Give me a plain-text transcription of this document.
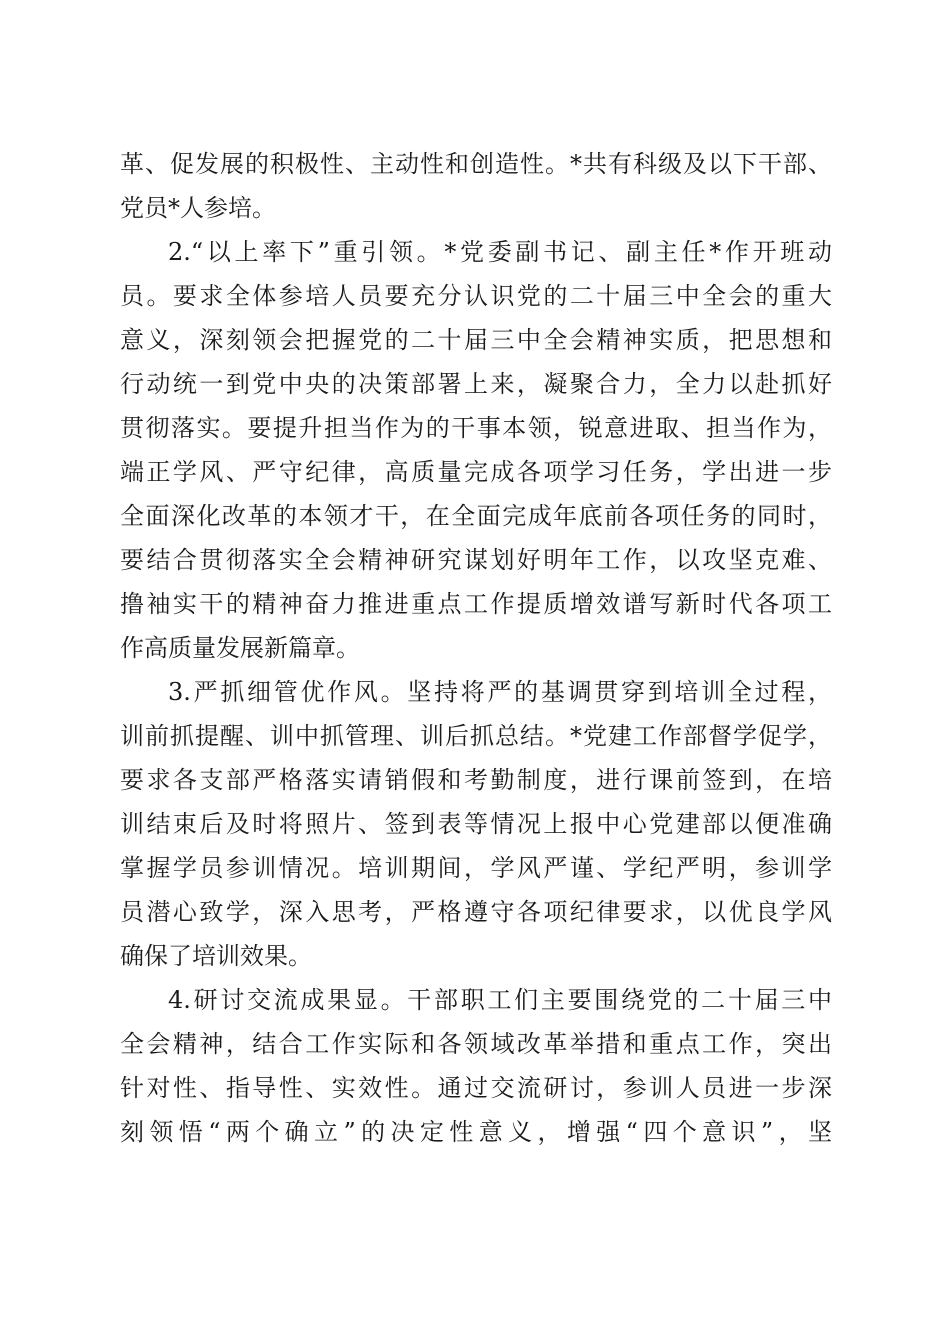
革、促发展的积极性、主动性和创造性。*共有科级及以下干部、

党员*人参培。

2.“以上率下”重引领。*党委副书记、副主任*作开班动

员。要求全体参培人员要充分认识党的二十届三中全会的重大

意义，深刻领会把握党的二十届三中全会精神实质，把思想和

行动统一到党中央的决策部署上来，凝聚合力，全力以赴抓好

贯彻落实。要提升担当作为的干事本领，锐意进取、担当作为，

端正学风、严守纪律，高质量完成各项学习任务，学出进一步

全面深化改革的本领才干，在全面完成年底前各项任务的同时，

要结合贯彻落实全会精神研究谋划好明年工作，以攻坚克难、

撸袖实干的精神奋力推进重点工作提质增效谱写新时代各项工

作高质量发展新篇章。

3.严抓细管优作风。坚持将严的基调贯穿到培训全过程，

训前抓提醒、训中抓管理、训后抓总结。*党建工作部督学促学，

要求各支部严格落实请销假和考勤制度，进行课前签到，在培

训结束后及时将照片、签到表等情况上报中心党建部以便准确

掌握学员参训情况。培训期间，学风严谨、学纪严明，参训学

员潜心致学，深入思考，严格遵守各项纪律要求，以优良学风

确保了培训效果。

4.研讨交流成果显。干部职工们主要围绕党的二十届三中

全会精神，结合工作实际和各领域改革举措和重点工作，突出

针对性、指导性、实效性。通过交流研讨，参训人员进一步深

刻领悟“两个确立”的决定性意义，增强“四个意识”，坚
